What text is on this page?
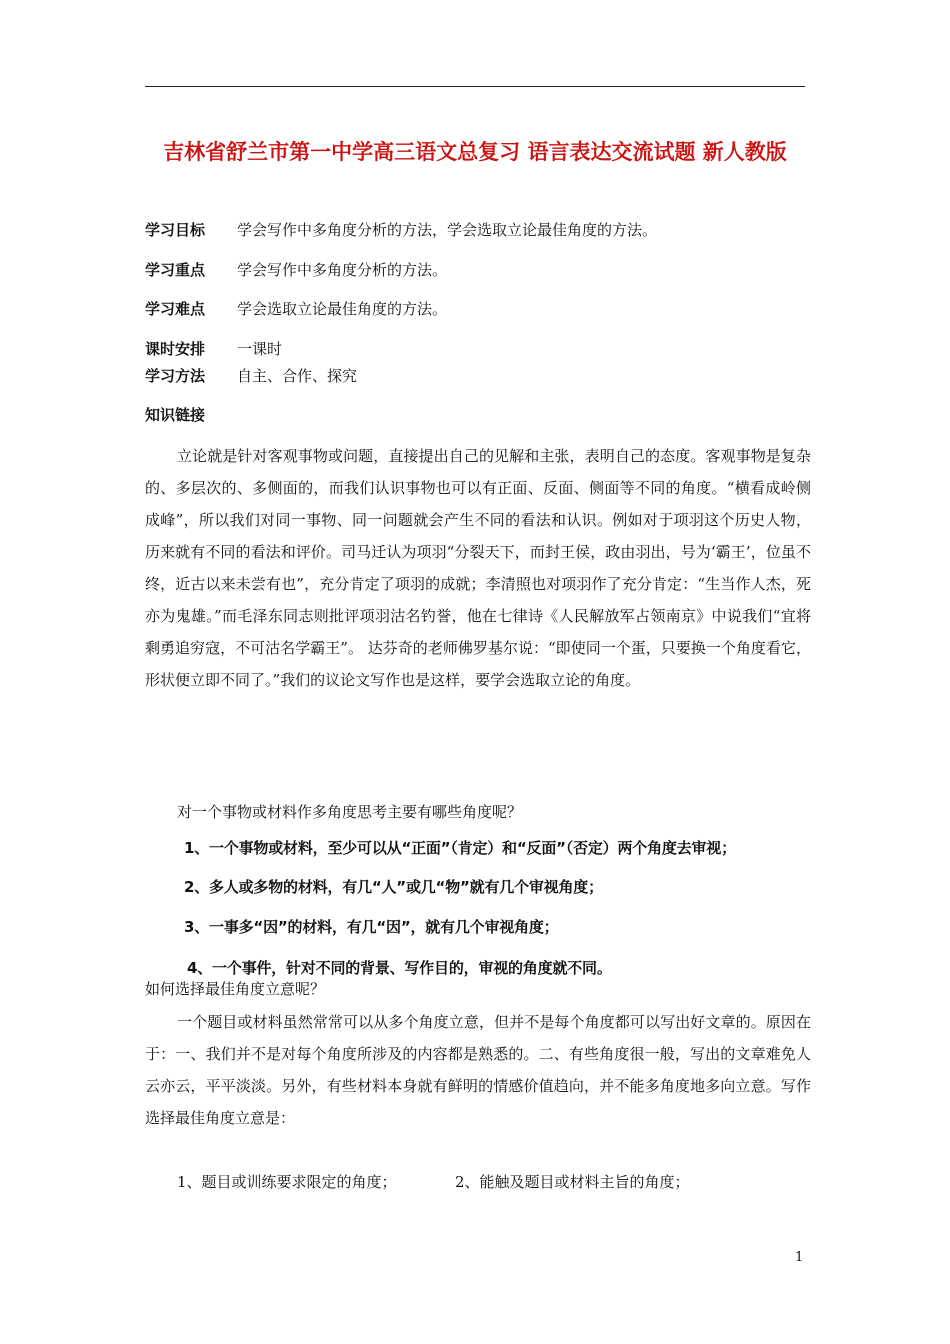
吉林省舒兰市第一中学高三语文总复习 语言表达交流试题 新人教版
学习目标 学会写作中多角度分析的方法，学会选取立论最佳角度的方法。
学习重点 学会写作中多角度分析的方法。
学习难点 学会选取立论最佳角度的方法。
课时安排 一课时
学习方法 自主、合作、探究
知识链接
立论就是针对客观事物或问题，直接提出自己的见解和主张，表明自己的态度。客观事物是复杂的、多层次的、多侧面的，而我们认识事物也可以有正面、反面、侧面等不同的角度。“横看成岭侧成峰”，所以我们对同一事物、同一问题就会产生不同的看法和认识。例如对于项羽这个历史人物，历来就有不同的看法和评价。司马迁认为项羽“分裂天下，而封王侯，政由羽出，号为‘霸王’，位虽不终，近古以来未尝有也”，充分肯定了项羽的成就；李清照也对项羽作了充分肯定：“生当作人杰，死亦为鬼雄。”而毛泽东同志则批评项羽沽名钓誉，他在七律诗《人民解放军占领南京》中说我们“宜将剩勇追穷寇，不可沽名学霸王”。 达芬奇的老师佛罗基尔说：“即使同一个蛋，只要换一个角度看它，形状便立即不同了。”我们的议论文写作也是这样，要学会选取立论的角度。
对一个事物或材料作多角度思考主要有哪些角度呢？
1、一个事物或材料，至少可以从“正面”（肯定）和“反面”（否定）两个角度去审视；
2、多人或多物的材料，有几“人”或几“物”就有几个审视角度；
3、一事多“因”的材料，有几“因”，就有几个审视角度；
4、一个事件，针对不同的背景、写作目的，审视的角度就不同。
如何选择最佳角度立意呢？
一个题目或材料虽然常常可以从多个角度立意，但并不是每个角度都可以写出好文章的。原因在于：一、我们并不是对每个角度所涉及的内容都是熟悉的。二、有些角度很一般，写出的文章难免人云亦云，平平淡淡。另外，有些材料本身就有鲜明的情感价值趋向，并不能多角度地多向立意。写作选择最佳角度立意是：
1、题目或训练要求限定的角度；	2、能触及题目或材料主旨的角度；
1
